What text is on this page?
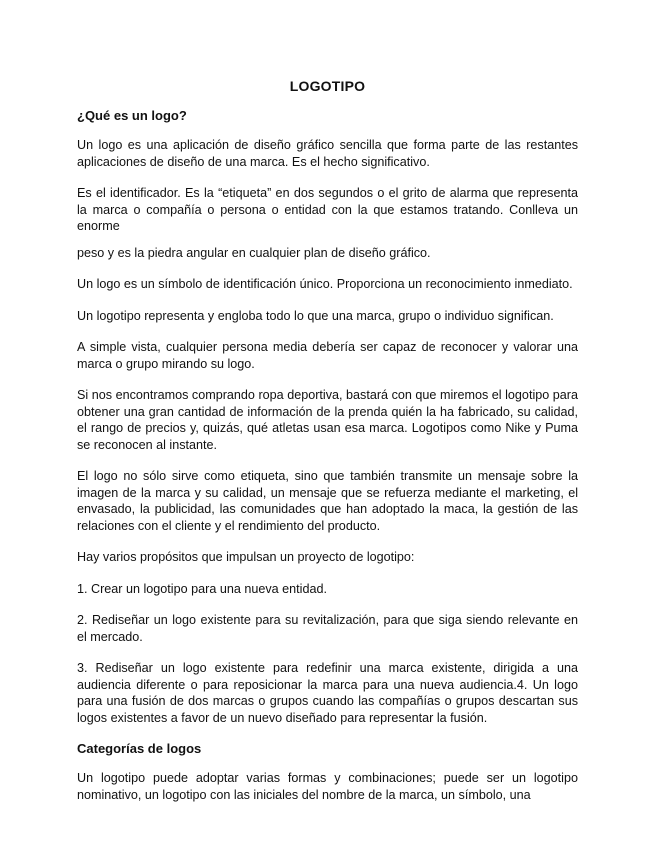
LOGOTIPO
¿Qué es un logo?

Un logo es una aplicación de diseño gráfico sencilla que forma parte de las restantes aplicaciones de diseño de una marca. Es el hecho significativo.

Es el identificador. Es la “etiqueta” en dos segundos o el grito de alarma que representa la marca o compañía o persona o entidad con la que estamos tratando. Conlleva un enorme

peso y es la piedra angular en cualquier plan de diseño gráfico.

Un logo es un símbolo de identificación único. Proporciona un reconocimiento inmediato.

Un logotipo representa y engloba todo lo que una marca, grupo o individuo significan.

A simple vista, cualquier persona media debería ser capaz de reconocer y valorar una marca o grupo mirando su logo.

Si nos encontramos comprando ropa deportiva, bastará con que miremos el logotipo para obtener una gran cantidad de información de la prenda quién la ha fabricado, su calidad, el rango de precios y, quizás, qué atletas usan esa marca. Logotipos como Nike y Puma se reconocen al instante.

El logo no sólo sirve como etiqueta, sino que también transmite un mensaje sobre la imagen de la marca y su calidad, un mensaje que se refuerza mediante el marketing, el envasado, la publicidad, las comunidades que han adoptado la maca, la gestión de las relaciones con el cliente y el rendimiento del producto.

Hay varios propósitos que impulsan un proyecto de logotipo:

1. Crear un logotipo para una nueva entidad.

2. Rediseñar un logo existente para su revitalización, para que siga siendo relevante en el mercado.

3. Rediseñar un logo existente para redefinir una marca existente, dirigida a una audiencia diferente o para reposicionar la marca para una nueva audiencia.4. Un logo para una fusión de dos marcas o grupos cuando las compañías o grupos descartan sus logos existentes a favor de un nuevo diseñado para representar la fusión.

Categorías de logos

Un logotipo puede adoptar varias formas y combinaciones; puede ser un logotipo nominativo, un logotipo con las iniciales del nombre de la marca, un símbolo, una
